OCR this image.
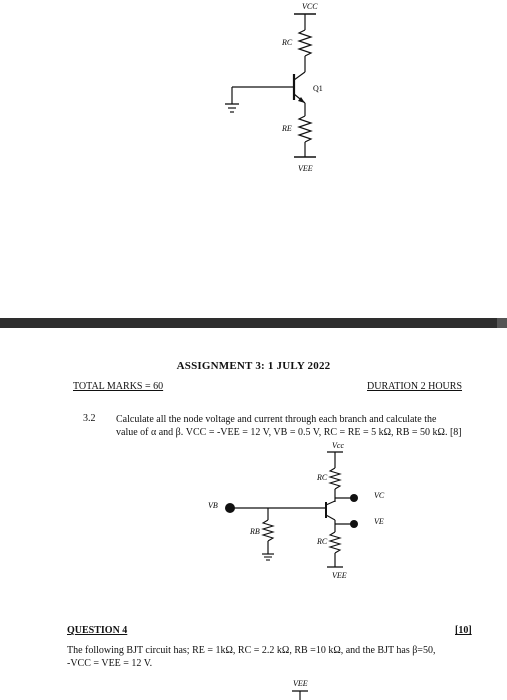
VCC
RC
Q1
RE
VEE
ASSIGNMENT 3: 1 JULY 2022
TOTAL MARKS = 60	DURATION 2 HOURS
3.2 Calculate all the node voltage and current through each branch and calculate the
value of α and β. VCC = -VEE = 12 V, VB = 0.5 V, RC = RE = 5 kΩ, RB = 50 kΩ. [8]
Vcc
RC
VC
VB
RB
VE
RC
VEE
QUESTION 4	[10]
The following BJT circuit has; RE = 1kΩ, RC = 2.2 kΩ, RB =10 kΩ, and the BJT has β=50,
-VCC = VEE = 12 V.
VEE
